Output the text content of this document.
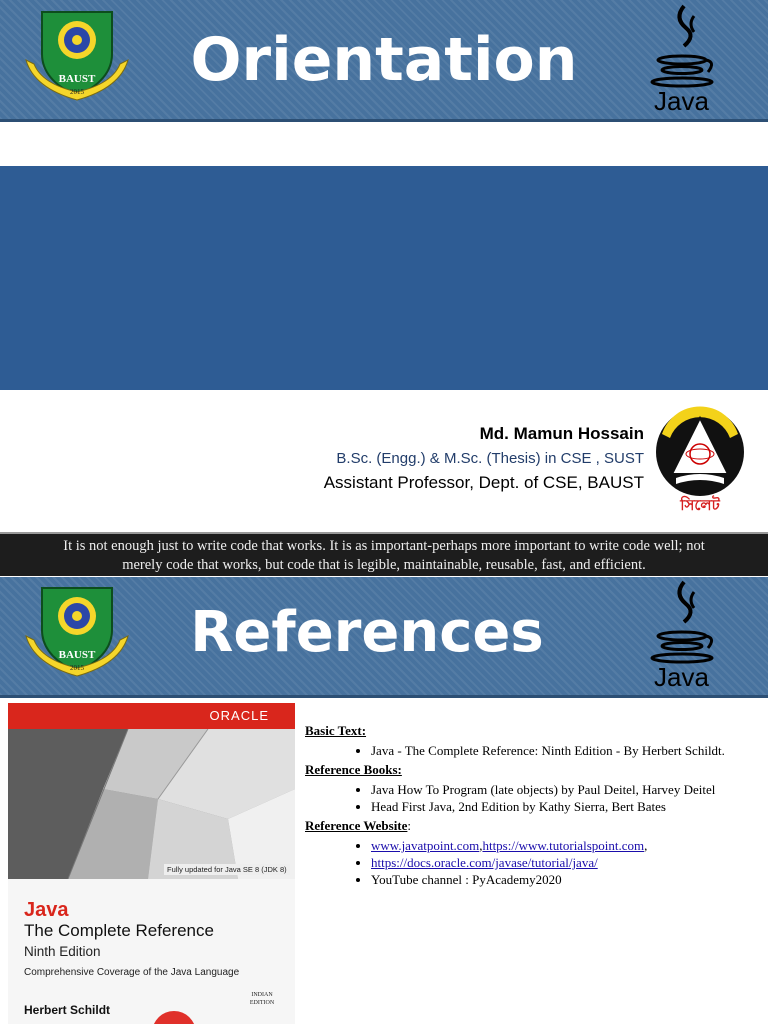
Orientation
BAUST
2015	Java
Md. Mamun Hossain
B.Sc. (Engg.) & M.Sc. (Thesis) in CSE , SUST
Assistant Professor, Dept. of CSE, BAUST
সিলেট
It is not enough just to write code that works. It is as important-perhaps more important to write code well; not
merely code that works, but code that is legible, maintainable, reusable, fast, and efficient.
References
BAUST
2015	Java
ORACLE
Fully updated for Java SE 8 (JDK 8)
Java
The Complete Reference
Ninth Edition
Comprehensive Coverage of the Java Language
Herbert Schildt
INDIAN EDITION

Basic Text:

• Java - The Complete Reference: Ninth Edition - By Herbert Schildt.

Reference Books:

• Java How To Program (late objects) by Paul Deitel, Harvey Deitel
• Head First Java, 2nd Edition by Kathy Sierra, Bert Bates

Reference Website:

• www.javatpoint.com,https://www.tutorialspoint.com,
• https://docs.oracle.com/javase/tutorial/java/
• YouTube channel : PyAcademy2020
